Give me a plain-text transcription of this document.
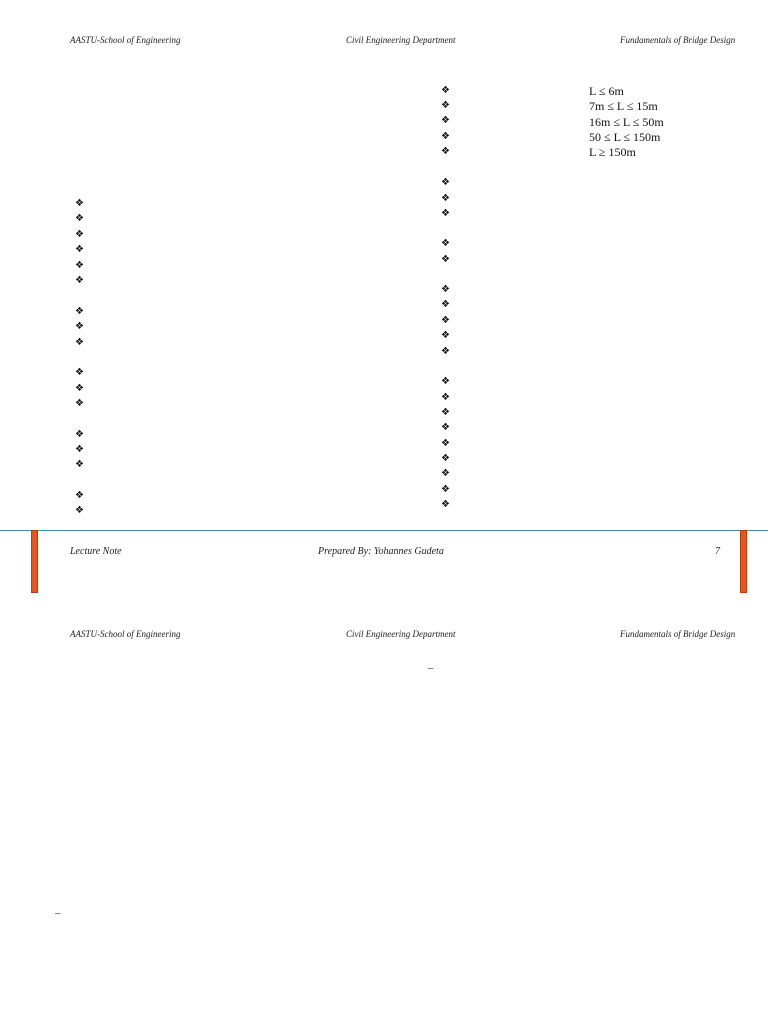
AASTU-School of Engineering	Civil Engineering Department	Fundamentals of Bridge Design
❖	L ≤ 6m
❖	7m ≤ L ≤ 15m
❖	16m ≤ L ≤ 50m
❖	50 ≤ L ≤ 150m
❖	L ≥ 150m
❖
❖
❖
❖
❖
❖
❖
❖
❖
❖
❖
❖
❖
❖
❖
❖
❖
❖
❖
❖
❖
❖
❖
❖
❖
❖
❖
❖
❖
❖
❖
❖
❖
❖
❖
❖
Lecture Note	Prepared By: Yohannes Gudeta	7
AASTU-School of Engineering	Civil Engineering Department	Fundamentals of Bridge Design
–
–
